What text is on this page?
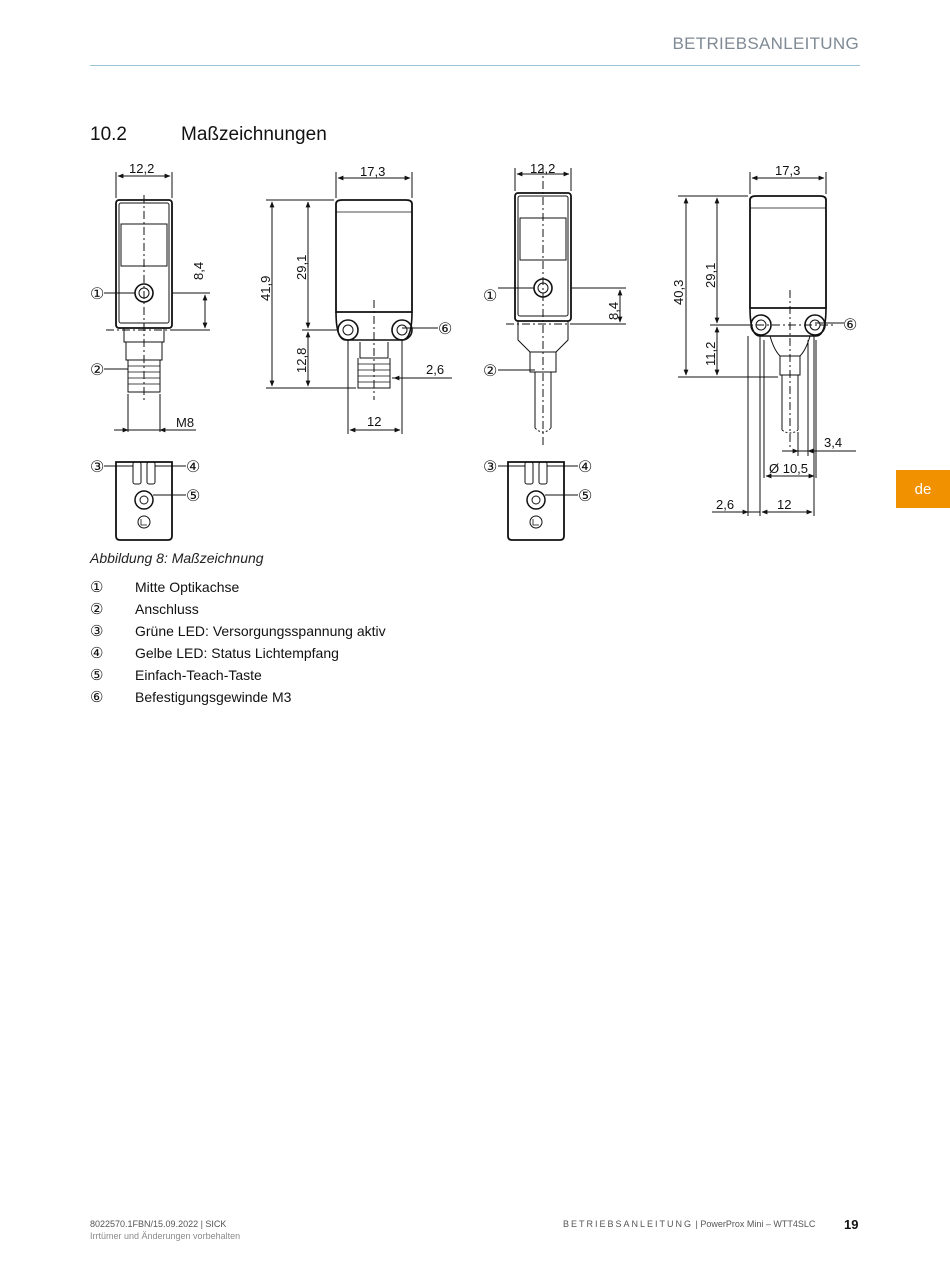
BETRIEBSANLEITUNG
10.2	Maßzeichnungen
12,2
8,4
M8
17,3
41,9
29,1
12,8	2,6
12
12,2
8,4
17,3
40,3
29,1
11,2
3,4
Ø 10,5
2,6	12
①
②
③	④
⑤
⑥
①
②
③	④
⑤
⑥
de
Abbildung 8: Maßzeichnung
①	Mitte Optikachse
②	Anschluss
③	Grüne LED: Versorgungsspannung aktiv
④	Gelbe LED: Status Lichtempfang
⑤	Einfach-Teach-Taste
⑥	Befestigungsgewinde M3
8022570.1FBN/15.09.2022 | SICK
Irrtümer und Änderungen vorbehalten
BETRIEBSANLEITUNG | PowerProx Mini – WTT4SLC 19
